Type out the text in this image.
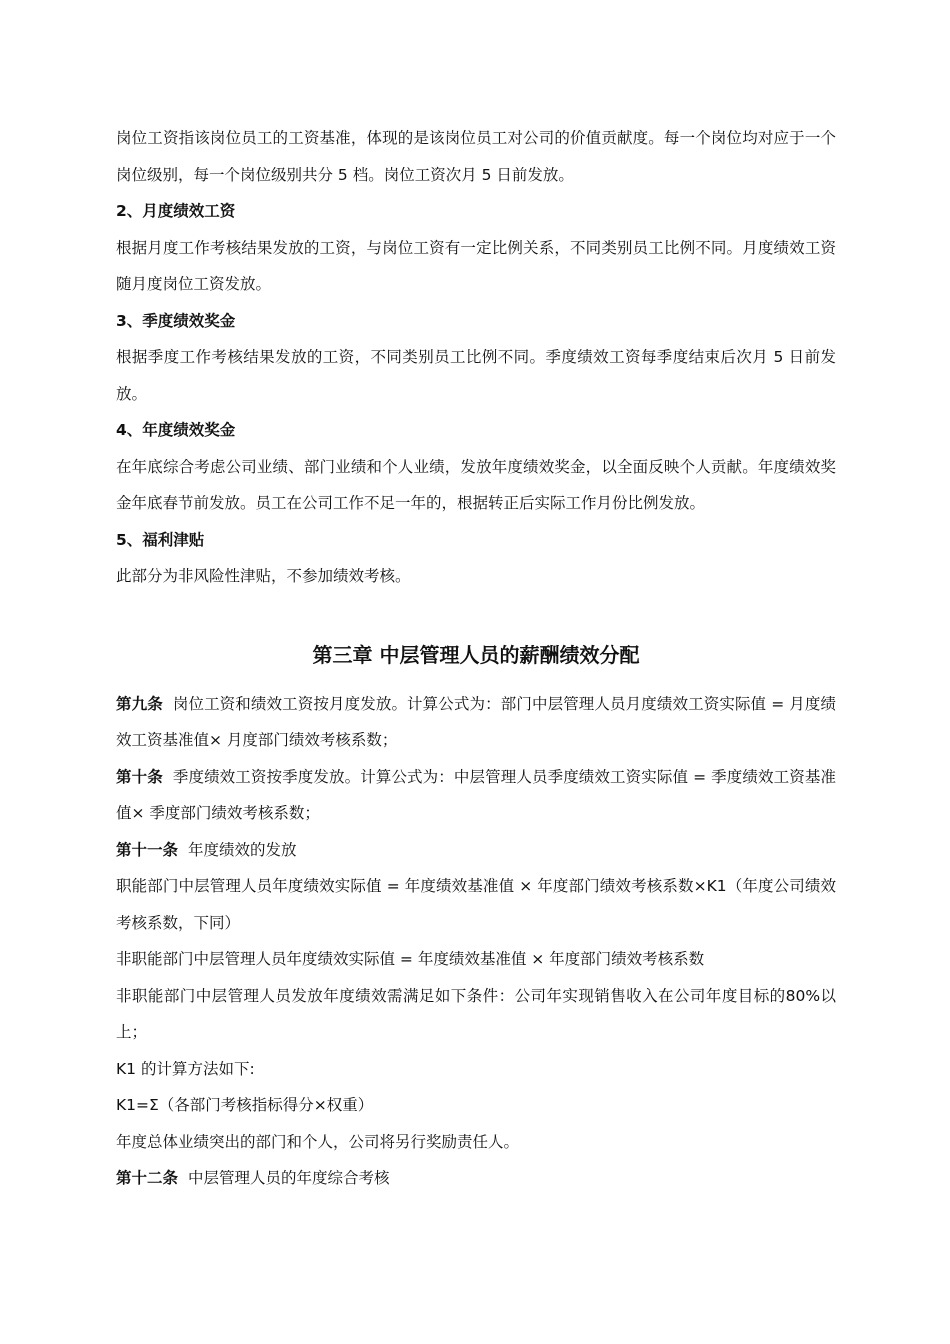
岗位工资指该岗位员工的工资基准，体现的是该岗位员工对公司的价值贡献度。每一个岗位均对应于一个岗位级别，每一个岗位级别共分 5 档。岗位工资次月 5 日前发放。

2、月度绩效工资

根据月度工作考核结果发放的工资，与岗位工资有一定比例关系，不同类别员工比例不同。月度绩效工资随月度岗位工资发放。

3、季度绩效奖金

根据季度工作考核结果发放的工资，不同类别员工比例不同。季度绩效工资每季度结束后次月 5 日前发放。

4、年度绩效奖金

在年底综合考虑公司业绩、部门业绩和个人业绩，发放年度绩效奖金，以全面反映个人贡献。年度绩效奖金年底春节前发放。员工在公司工作不足一年的，根据转正后实际工作月份比例发放。

5、福利津贴

此部分为非风险性津贴，不参加绩效考核。

第三章 中层管理人员的薪酬绩效分配

第九条 岗位工资和绩效工资按月度发放。计算公式为：部门中层管理人员月度绩效工资实际值 = 月度绩效工资基准值× 月度部门绩效考核系数；

第十条 季度绩效工资按季度发放。计算公式为：中层管理人员季度绩效工资实际值 = 季度绩效工资基准值× 季度部门绩效考核系数；

第十一条 年度绩效的发放

职能部门中层管理人员年度绩效实际值 = 年度绩效基准值 × 年度部门绩效考核系数×K1（年度公司绩效考核系数，下同）

非职能部门中层管理人员年度绩效实际值 = 年度绩效基准值 × 年度部门绩效考核系数

非职能部门中层管理人员发放年度绩效需满足如下条件：公司年实现销售收入在公司年度目标的80%以上；

K1 的计算方法如下:

K1=Σ（各部门考核指标得分×权重）

年度总体业绩突出的部门和个人，公司将另行奖励责任人。

第十二条 中层管理人员的年度综合考核
